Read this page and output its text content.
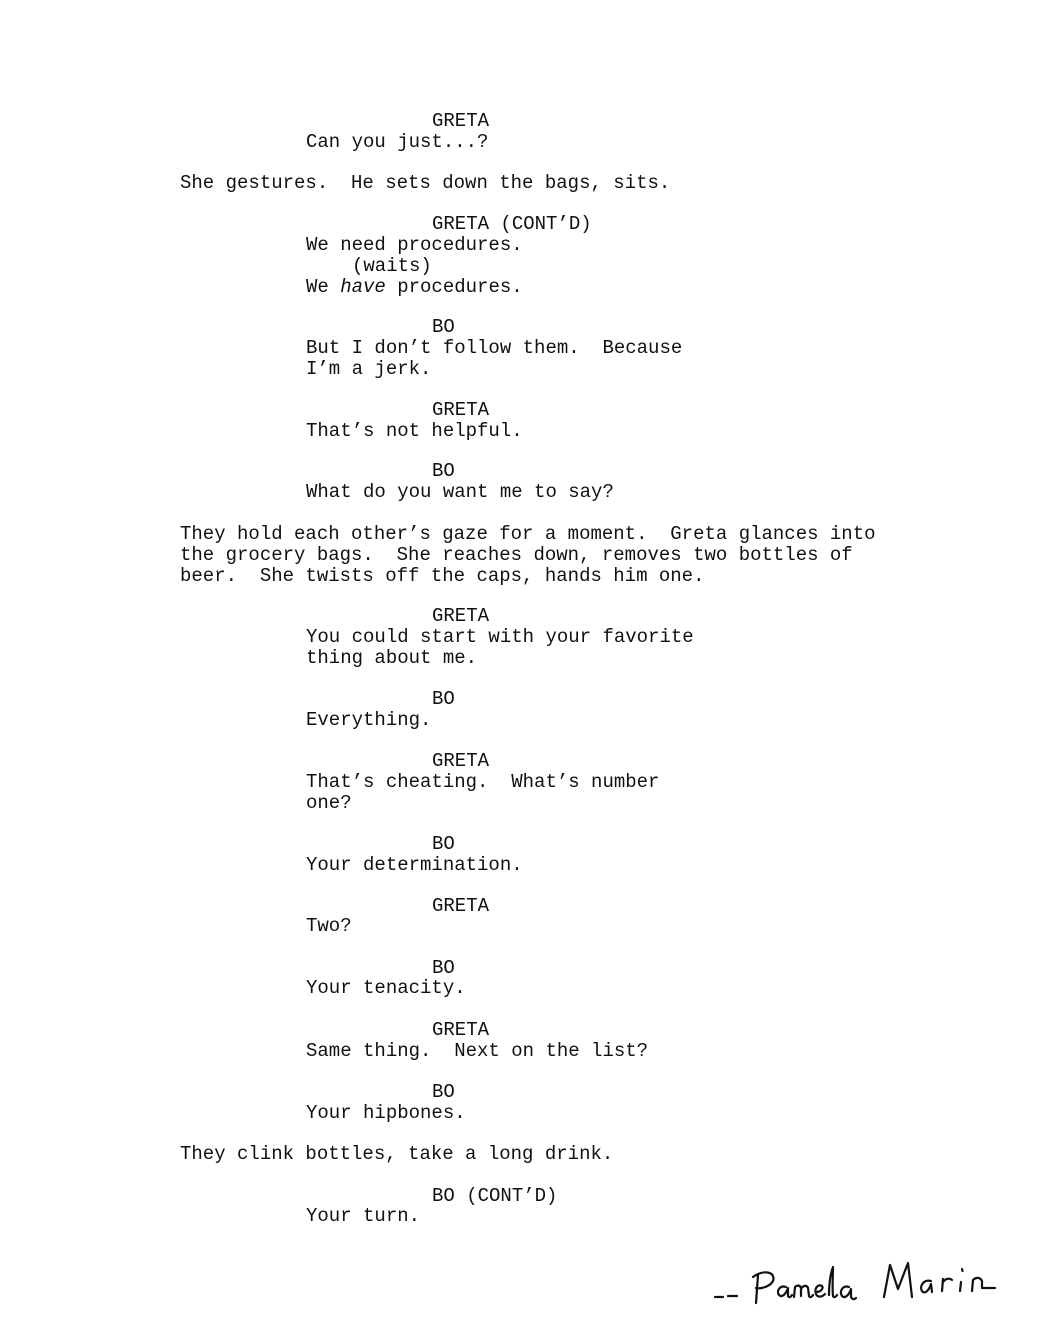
GRETA
Can you just...?
She gestures.  He sets down the bags, sits.
GRETA (CONT’D)
We need procedures.
(waits)
We have procedures.
BO
But I don’t follow them.  Because
I’m a jerk.
GRETA
That’s not helpful.
BO
What do you want me to say?
They hold each other’s gaze for a moment.  Greta glances into
the grocery bags.  She reaches down, removes two bottles of
beer.  She twists off the caps, hands him one.
GRETA
You could start with your favorite
thing about me.
BO
Everything.
GRETA
That’s cheating.  What’s number
one?
BO
Your determination.
GRETA
Two?
BO
Your tenacity.
GRETA
Same thing.  Next on the list?
BO
Your hipbones.
They clink bottles, take a long drink.
BO (CONT’D)
Your turn.
